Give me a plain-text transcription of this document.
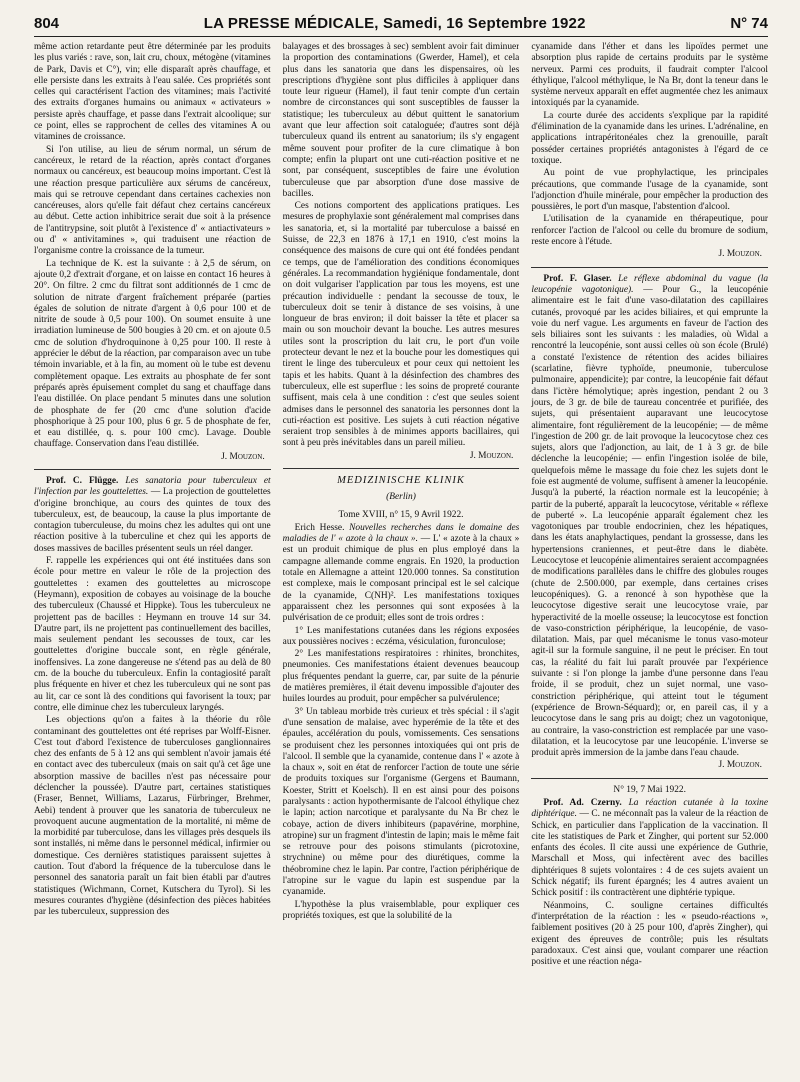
804	LA PRESSE MÉDICALE, Samedi, 16 Septembre 1922	N° 74

même action retardante peut être déterminée par les produits les plus variés : rave, son, lait cru, choux, métogène (vitamines de Park, Davis et C°), vin; elle disparaît après chauffage, et elle persiste dans les extraits à l'eau salée. Ces propriétés sont celles qui caractérisent l'action des vitamines; mais l'activité des extraits d'organes humains ou animaux « activateurs » persiste après chauffage, et passe dans l'extrait alcoolique; sur ce point, elles se rapprochent de celles des vitamines A ou vitamines de croissance.

Si l'on utilise, au lieu de sérum normal, un sérum de cancéreux, le retard de la réaction, après contact d'organes normaux ou cancéreux, est beaucoup moins important. C'est là une réaction presque particulière aux sérums de cancéreux, mais qui se retrouve cependant dans certaines cachexies non cancéreuses, alors qu'elle fait défaut chez certains cancéreux au début. Cette action inhibitrice serait due soit à la présence de l'antitrypsine, soit plutôt à l'existence d' « antiactivateurs » ou d' « antivitamines », qui traduisent une réaction de l'organisme contre la croissance de la tumeur.

La technique de K. est la suivante : à 2,5 de sérum, on ajoute 0,2 d'extrait d'organe, et on laisse en contact 16 heures à 20°. On filtre. 2 cmc du filtrat sont additionnés de 1 cmc de solution de nitrate d'argent fraîchement préparée (parties égales de solution de nitrate d'argent à 0,6 pour 100 et de nitrite de soude à 0,5 pour 100). On soumet ensuite à une irradiation lumineuse de 500 bougies à 20 cm. et on ajoute 0.5 cmc de solution d'hydroquinone à 0,25 pour 100. Il reste à apprécier le début de la réaction, par comparaison avec un tube témoin invariable, et à la fin, au moment où le tube est devenu complètement opaque. Les extraits au phosphate de fer sont préparés après épuisement complet du sang et chauffage dans l'eau distillée. On place pendant 5 minutes dans une solution de phosphate de fer (20 cmc d'une solution d'acide phosphorique à 25 pour 100, plus 6 gr. 5 de phosphate de fer, et eau distillée, q. s. pour 100 cmc). Lavage. Double chauffage. Conservation dans l'eau distillée.

J. Mouzon.

Prof. C. Flügge. Les sanatoria pour tuberculeux et l'infection par les gouttelettes. — La projection de gouttelettes d'origine bronchique, au cours des quintes de toux des tuberculeux, est, de beaucoup, la cause la plus importante de contagion tuberculeuse, du moins chez les adultes qui ont une réaction positive à la tuberculine et chez qui les apports de doses massives de bacilles présentent seuls un réel danger.

F. rappelle les expériences qui ont été instituées dans son école pour mettre en valeur le rôle de la projection des gouttelettes : examen des gouttelettes au microscope (Heymann), exposition de cobayes au voisinage de la bouche des tuberculeux (Chaussé et Hippke). Tous les tuberculeux ne projettent pas de bacilles : Heymann en trouve 14 sur 34. D'autre part, ils ne projettent pas continuellement des bacilles, mais seulement pendant les secousses de toux, car les gouttelettes d'origine buccale sont, en règle générale, inoffensives. La zone dangereuse ne s'étend pas au delà de 80 cm. de la bouche du tuberculeux. Enfin la contagiosité paraît plus fréquente en hiver et chez les tuberculeux qui ne sont pas au lit, car ce sont là des conditions qui favorisent la toux; par contre, elle diminue chez les tuberculeux laryngés.

Les objections qu'on a faites à la théorie du rôle contaminant des gouttelettes ont été reprises par Wolff-Eisner. C'est tout d'abord l'existence de tuberculoses ganglionnaires chez des enfants de 5 à 12 ans qui semblent n'avoir jamais été en contact avec des tuberculeux (mais on sait qu'à cet âge une absorption massive de bacilles n'est pas nécessaire pour déclencher la poussée). D'autre part, certaines statistiques (Fraser, Bennet, Williams, Lazarus, Fürbringer, Brehmer, Aebi) tendent à prouver que les sanatoria de tuberculeux ne provoquent aucune augmentation de la mortalité, ni même de la morbidité par tuberculose, dans les villages près desquels ils sont installés, ni même dans le personnel médical, infirmier ou domestique. Ces dernières statistiques paraissent sujettes à caution. Tout d'abord la fréquence de la tuberculose dans le personnel des sanatoria paraît un fait bien établi par d'autres statistiques (Wichmann, Cornet, Kutschera du Tyrol). Si les mesures courantes d'hygiène (désinfection des pièces habitées par les tuberculeux, suppression des

balayages et des brossages à sec) semblent avoir fait diminuer la proportion des contaminations (Gwerder, Hamel), et cela plus dans les sanatoria que dans les dispensaires, où les prescriptions d'hygiène sont plus difficiles à appliquer dans toute leur rigueur (Hamel), il faut tenir compte d'un certain nombre de circonstances qui sont susceptibles de fausser la statistique; les tuberculeux au début quittent le sanatorium avant que leur affection soit cataloguée; d'autres sont déjà tuberculeux quand ils entrent au sanatorium; ils s'y engagent même souvent pour profiter de la cure climatique à bon compte; enfin la plupart ont une cuti-réaction positive et ne sont, par conséquent, susceptibles de faire une évolution tuberculeuse que par absorption d'une dose massive de bacilles.

Ces notions comportent des applications pratiques. Les mesures de prophylaxie sont généralement mal comprises dans les sanatoria, et, si la mortalité par tuberculose a baissé en Suisse, de 22,3 en 1876 à 17,1 en 1910, c'est moins la conséquence des maisons de cure qui ont été fondées pendant ce temps, que de l'amélioration des conditions économiques générales. La recommandation hygiénique fondamentale, dont on doit vulgariser l'application par tous les moyens, est une précaution individuelle : pendant la secousse de toux, le tuberculeux doit se tenir à distance de ses voisins, à une longueur de bras environ; il doit baisser la tête et placer sa main ou son mouchoir devant la bouche. Les autres mesures utiles sont la proscription du lait cru, le port d'un voile protecteur devant le nez et la bouche pour les domestiques qui tirent le linge des tuberculeux et pour ceux qui nettoient les tapis et les habits. Quant à la désinfection des chambres des tuberculeux, elle est superflue : les soins de propreté courante suffisent, mais cela à une condition : c'est que seules soient admises dans le personnel des sanatoria les personnes dont la cuti-réaction est positive. Les sujets à cuti réaction négative seraient trop sensibles à de minimes apports bacillaires, qui sont à peu près inévitables dans un pareil milieu.

J. Mouzon.
MEDIZINISCHE KLINIK
(Berlin)
Tome XVIII, n° 15, 9 Avril 1922.

Erich Hesse. Nouvelles recherches dans le domaine des maladies de l' « azote à la chaux ». — L' « azote à la chaux » est un produit chimique de plus en plus employé dans la campagne allemande comme engrais. En 1920, la production totale en Allemagne a atteint 120.000 tonnes. Sa constitution est complexe, mais le composant principal est le sel calcique de la cyanamide, C(NH)². Les manifestations toxiques apparaissent chez les personnes qui sont exposées à la pulvérisation de ce produit; elles sont de trois ordres :

1° Les manifestations cutanées dans les régions exposées aux poussières nocives : eczéma, vésiculation, furonculose;

2° Les manifestations respiratoires : rhinites, bronchites, pneumonies. Ces manifestations étaient devenues beaucoup plus fréquentes pendant la guerre, car, par suite de la pénurie de matières premières, il était devenu impossible d'ajouter des huiles lourdes au produit, pour empêcher sa pulvérulence;

3° Un tableau morbide très curieux et très spécial : il s'agit d'une sensation de malaise, avec hyperémie de la tête et des épaules, accélération du pouls, vomissements. Ces sensations se produisent chez les personnes intoxiquées qui ont pris de l'alcool. Il semble que la cyanamide, contenue dans l' « azote à la chaux », soit en état de renforcer l'action de toute une série de produits toxiques sur l'organisme (Gergens et Baumann, Koester, Stritt et Koelsch). Il en est ainsi pour des poisons paralysants : action hypothermisante de l'alcool éthylique chez le lapin; action narcotique et paralysante du Na Br chez le cobaye, action de divers inhibiteurs (papavérine, morphine, atropine) sur un fragment d'intestin de lapin; mais le même fait se retrouve pour des poisons stimulants (picrotoxine, strychnine) ou même pour des diurétiques, comme la théobromine chez le lapin. Par contre, l'action périphérique de l'atropine sur le vague du lapin est suspendue par la cyanamide.

L'hypothèse la plus vraisemblable, pour expliquer ces propriétés toxiques, est que la solubilité de la

cyanamide dans l'éther et dans les lipoïdes permet une absorption plus rapide de certains produits par le système nerveux. Parmi ces produits, il faudrait compter l'alcool éthylique, l'alcool méthylique, le Na Br, dont la teneur dans le système nerveux apparaît en effet augmentée chez les animaux intoxiqués par la cyanamide.

La courte durée des accidents s'explique par la rapidité d'élimination de la cyanamide dans les urines. L'adrénaline, en applications intrapéritonéales chez la grenouille, paraît posséder certaines propriétés antagonistes à l'égard de ce toxique.

Au point de vue prophylactique, les principales précautions, que commande l'usage de la cyanamide, sont l'adjonction d'huile minérale, pour empêcher la production des poussières, le port d'un masque, l'abstention d'alcool.

L'utilisation de la cyanamide en thérapeutique, pour renforcer l'action de l'alcool ou celle du bromure de sodium, reste encore à l'étude.

J. Mouzon.

Prof. F. Glaser. Le réflexe abdominal du vague (la leucopénie vagotonique). — Pour G., la leucopénie alimentaire est le fait d'une vaso-dilatation des capillaires cutanés, provoqué par les acides biliaires, et qui emprunte la voie du nerf vague. Les arguments en faveur de l'action des sels biliaires sont les suivants : les maladies, où Widal a rencontré la leucopénie, sont aussi celles où son école (Brulé) a constaté l'existence de rétention des acides biliaires (scarlatine, fièvre typhoïde, pneumonie, tuberculose pulmonaire, appendicite); par contre, la leucopénie fait défaut dans l'ictère hémolytique; après ingestion, pendant 2 ou 3 jours, de 3 gr. de bile de taureau concentrée et purifiée, des sujets, qui présentaient auparavant une leucocytose alimentaire, font régulièrement de la leucopénie; — de même l'ingestion de 200 gr. de lait provoque la leucocytose chez ces sujets, alors que l'adjonction, au lait, de 1 à 3 gr. de bile déclenche la leucopénie; — enfin l'ingestion isolée de bile, quelquefois même le massage du foie chez les sujets dont le foie est augmenté de volume, suffisent à amener la leucopénie. Jusqu'à la puberté, la réaction normale est la leucopénie; à partir de la puberté, apparaît la leucocytose, véritable « réflexe de puberté ». La leucopénie apparaît également chez les vagotoniques par trouble endocrinien, chez les hépatiques, dans les états anaphylactiques, pendant la grossesse, dans les hypertensions craniennes, et peut-être dans le diabète. Leucocytose et leucopénie alimentaires seraient accompagnées de modifications parallèles dans le chiffre des globules rouges (chute de 2.500.000, par exemple, dans certaines crises leucopéniques). G. a renoncé à son hypothèse que la leucocytose digestive serait une leucocytose vraie, par hyperactivité de la moelle osseuse; la leucocytose est fonction de vaso-constriction périphérique, la leucopénie, de vaso-dilatation. Mais, par quel mécanisme le tonus vaso-moteur agit-il sur la formule sanguine, il ne peut le préciser. En tout cas, la réalité du fait lui paraît prouvée par l'expérience suivante : si l'on plonge la jambe d'une personne dans l'eau froide, il se produit, chez un sujet normal, une vaso-constriction périphérique, qui atteint tout le tégument (expérience de Brown-Séquard); or, en pareil cas, il y a leucocytose dans le sang pris au doigt; chez un vagotonique, au contraire, la vaso-constriction est remplacée par une vaso-dilatation, et la leucocytose par une leucopénie. L'inverse se produit après immersion de la jambe dans l'eau chaude.

J. Mouzon.
N° 19, 7 Mai 1922.

Prof. Ad. Czerny. La réaction cutanée à la toxine diphtérique. — C. ne méconnaît pas la valeur de la réaction de Schick, en particulier dans l'application de la vaccination. Il cite les statistiques de Park et Zingher, qui portent sur 52.000 enfants des écoles. Il cite aussi une expérience de Guthrie, Marschall et Moss, qui infectèrent avec des bacilles diphtériques 8 sujets volontaires : 4 de ces sujets avaient un Schick négatif; ils furent épargnés; les 4 autres avaient un Schick positif : ils contractèrent une diphtérie typique.

Néanmoins, C. souligne certaines difficultés d'interprétation de la réaction : les « pseudo-réactions », faiblement positives (20 à 25 pour 100, d'après Zingher), qui exigent des épreuves de contrôle; puis les résultats paradoxaux. C'est ainsi que, voulant comparer une réaction positive et une réaction néga-
